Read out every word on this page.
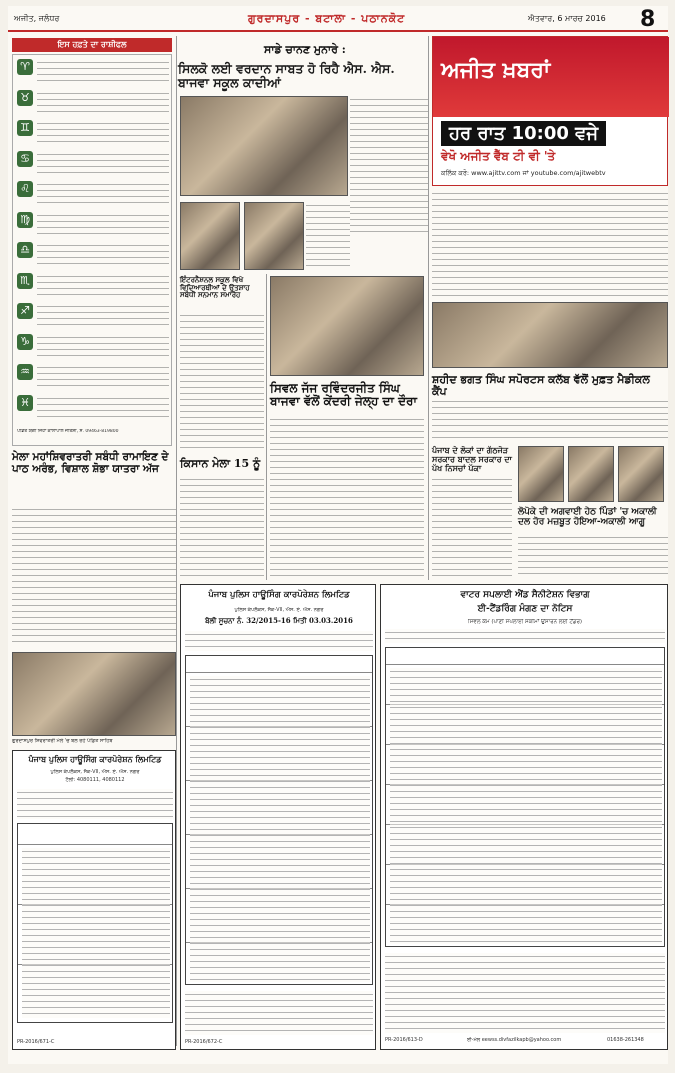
ਅਜੀਤ, ਜਲੰਧਰ	ਗੁਰਦਾਸਪੁਰ - ਬਟਾਲਾ - ਪਠਾਨਕੋਟ	ਐਤਵਾਰ, 6 ਮਾਰਚ 2016 8
ਇਸ ਹਫ਼ਤੇ ਦਾ ਰਾਸ਼ੀਫਲ
♈
♉
♊
♋
♌
♍
♎
♏
♐
♑
♒
♓
ਪੰਡਿਤ ਯੋਗੀ ਜਿਹਾ ਕਾਲਾਪਾਲ ਜੋਤਿਸ਼ੀ, ਸੰ. 09463-819800
ਸਾਡੇ ਚਾਨਣ ਮੁਨਾਰੇ :
ਸਿਲਕੋ ਲਈ ਵਰਦਾਨ ਸਾਬਤ ਹੋ ਰਿਹੈ ਐਸ. ਐਸ. ਬਾਜਵਾ ਸਕੂਲ ਕਾਦੀਆਂ
ਇੰਟਰਨੈਸ਼ਨਲ ਸਕੂਲ ਵਿਖੇ ਵਿਦਿਆਰਥੀਆਂ ਦੇ ਉਤਸ਼ਾਹ ਸਬੰਧੀ ਸਨਮਾਨ ਸਮਾਰੋਹ
ਕਿਸਾਨ ਮੇਲਾ 15 ਨੂੰ
ਸਿਵਲ ਜੱਜ ਰਵਿੰਦਰਜੀਤ ਸਿੰਘ ਬਾਜਵਾ ਵੱਲੋਂ ਕੇਂਦਰੀ ਜੇਲ੍ਹ ਦਾ ਦੌਰਾ
ਅਜੀਤ ਖ਼ਬਰਾਂ
ਹਰ ਰਾਤ 10:00 ਵਜੇ
ਵੇਖੋ ਅਜੀਤ ਵੈੱਬ ਟੀ ਵੀ 'ਤੇ
ਕਲਿੱਕ ਕਰੋ: www.ajittv.com ਜਾਂ youtube.com/ajitwebtv
ਸ਼ਹੀਦ ਭਗਤ ਸਿੰਘ ਸਪੋਰਟਸ ਕਲੱਬ ਵੱਲੋਂ ਮੁਫ਼ਤ ਮੈਡੀਕਲ ਕੈਂਪ
ਪੰਜਾਬ ਦੇ ਲੋਕਾਂ ਦਾ ਗੱਠਜੋੜ ਸਰਕਾਰ ਬਾਦਲ ਸਰਕਾਰ ਦਾ ਪੱਖ ਨਿਸਚਾਂ ਪੱਕਾ
ਲੋਪੋਕੇ ਦੀ ਅਗਵਾਈ ਹੇਠ ਪਿੰਡਾਂ 'ਚ ਅਕਾਲੀ ਦਲ ਹੋਰ ਮਜ਼ਬੂਤ ਹੋਇਆ-ਅਕਾਲੀ ਆਗੂ
ਮੇਲਾ ਮਹਾਂਸ਼ਿਵਰਾਤਰੀ ਸਬੰਧੀ ਰਾਮਾਇਣ ਦੇ ਪਾਠ ਅਰੰਭ, ਵਿਸ਼ਾਲ ਸ਼ੋਭਾ ਯਾਤਰਾ ਅੱਜ
ਗੁਰਦਾਸਪੁਰ ਸ਼ਿਵਰਾਤਰੀ ਮੇਲੇ 'ਚ ਬੋਲ ਰਹੇ ਪੰਡਿਤ ਸਾਹਿਬ
ਪੰਜਾਬ ਪੁਲਿਸ ਹਾਊਸਿੰਗ ਕਾਰਪੋਰੇਸ਼ਨ ਲਿਮਟਿਡ
ਪੁਲਿਸ ਕੰਪਲੈਕਸ, ਸੈਕ-VII, ਐਸ. ਏ. ਐਸ. ਨਗਰ
ਟੈਲੀ: 4080111, 4080112
PR-2016/671-C
ਪੰਜਾਬ ਪੁਲਿਸ ਹਾਊਸਿੰਗ ਕਾਰਪੋਰੇਸ਼ਨ ਲਿਮਟਿਡ
ਪੁਲਿਸ ਕੰਪਲੈਕਸ, ਸੈਕ-VII, ਐਸ. ਏ. ਐਸ. ਨਗਰ
ਬੋਲੀ ਸੂਚਨਾ ਨੰ. 32/2015-16 ਮਿਤੀ 03.03.2016
PR-2016/672-C
ਵਾਟਰ ਸਪਲਾਈ ਐਂਡ ਸੈਨੀਟੇਸ਼ਨ ਵਿਭਾਗ
ਈ-ਟੈਂਡਰਿੰਗ ਮੰਗਣ ਦਾ ਨੋਟਿਸ
ਸਿਵਲ ਕੰਮ (ਪਾਣੀ ਸਪਲਾਈ ਸਕੀਮਾਂ ਉਸਾਰਨ ਲਈ ਟੈਂਡਰ)
PR-2016/613-D	ਈ-ਮੇਲ eewss.divfazilkapb@yahoo.com	01638-261348
